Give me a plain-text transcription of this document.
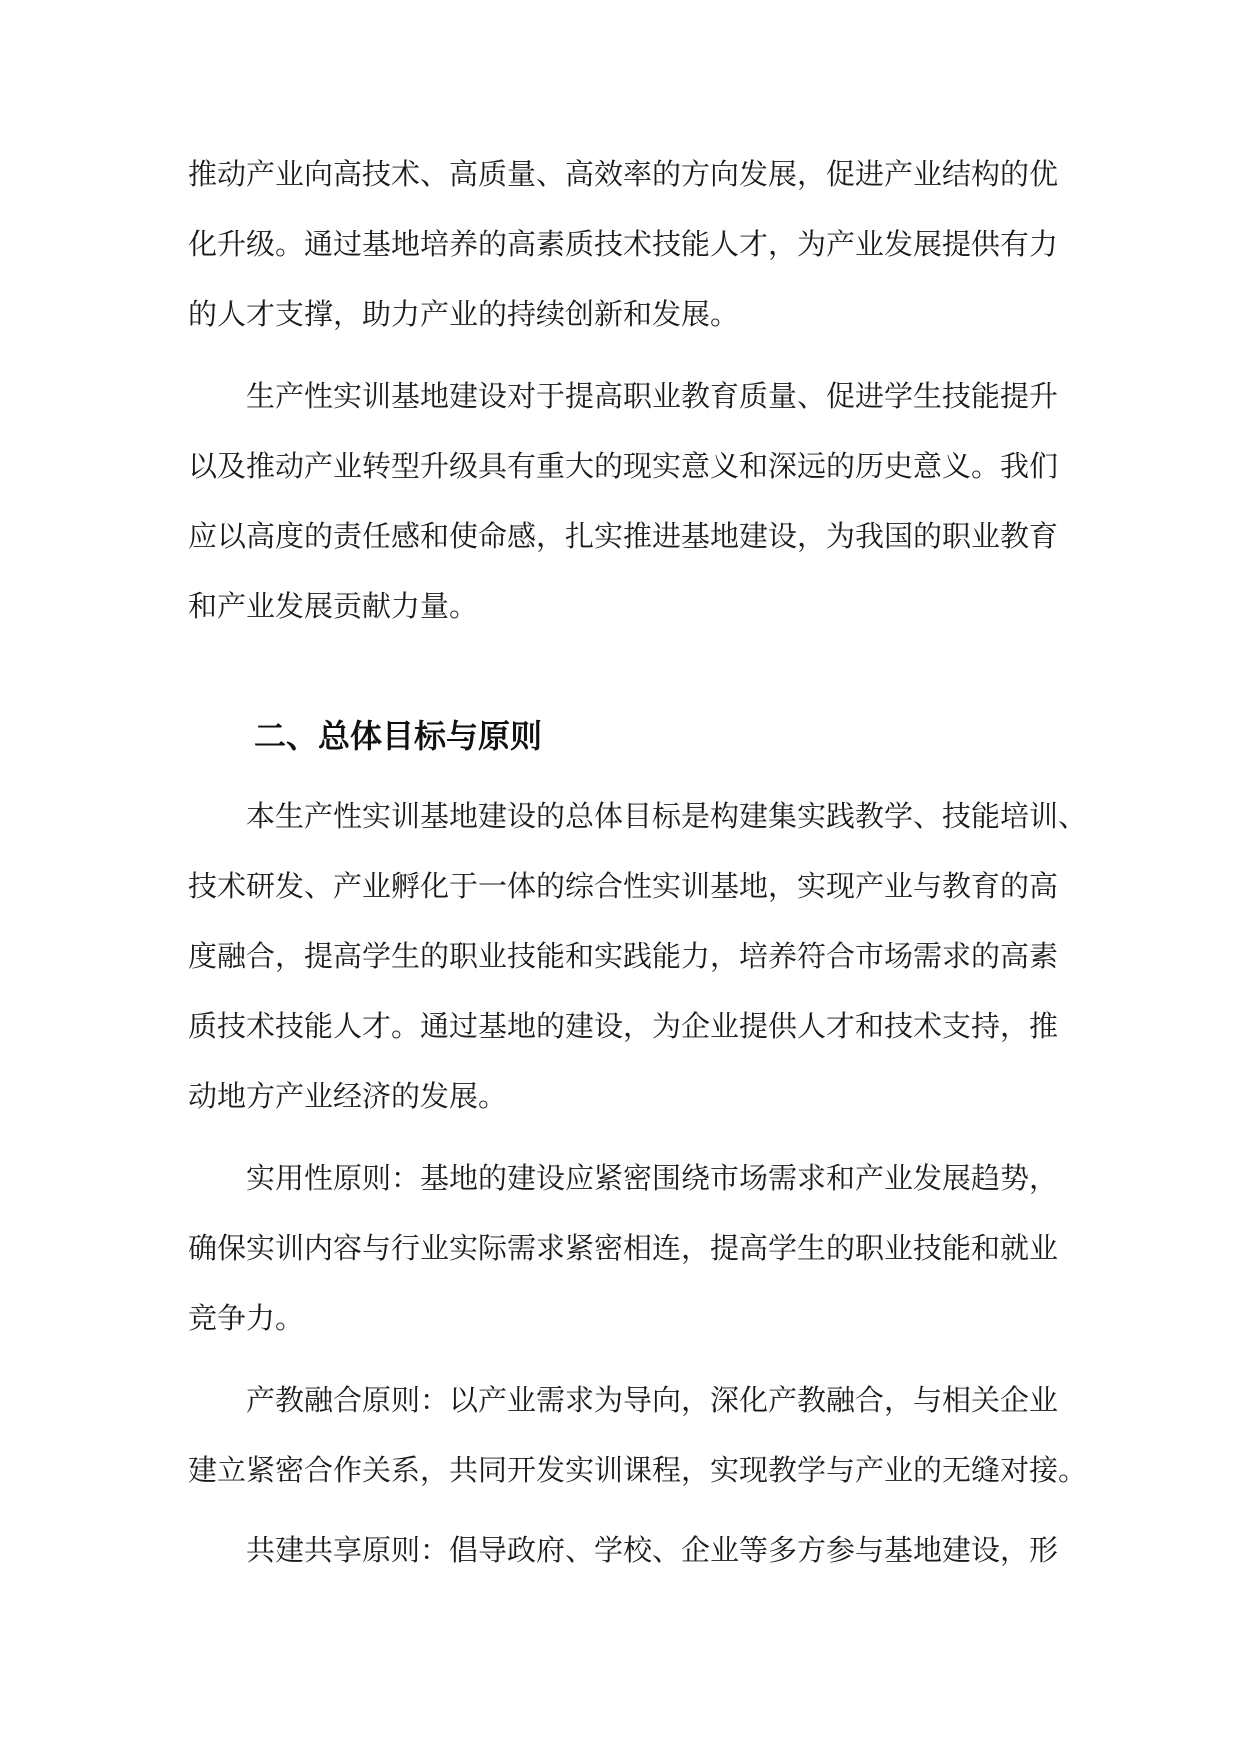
推动产业向高技术、高质量、高效率的方向发展，促进产业结构的优
化升级。通过基地培养的高素质技术技能人才，为产业发展提供有力
的人才支撑，助力产业的持续创新和发展。
生产性实训基地建设对于提高职业教育质量、促进学生技能提升
以及推动产业转型升级具有重大的现实意义和深远的历史意义。我们
应以高度的责任感和使命感，扎实推进基地建设，为我国的职业教育
和产业发展贡献力量。
二、总体目标与原则
本生产性实训基地建设的总体目标是构建集实践教学、技能培训、
技术研发、产业孵化于一体的综合性实训基地，实现产业与教育的高
度融合，提高学生的职业技能和实践能力，培养符合市场需求的高素
质技术技能人才。通过基地的建设，为企业提供人才和技术支持，推
动地方产业经济的发展。
实用性原则：基地的建设应紧密围绕市场需求和产业发展趋势，
确保实训内容与行业实际需求紧密相连，提高学生的职业技能和就业
竞争力。
产教融合原则：以产业需求为导向，深化产教融合，与相关企业
建立紧密合作关系，共同开发实训课程，实现教学与产业的无缝对接。
共建共享原则：倡导政府、学校、企业等多方参与基地建设，形
